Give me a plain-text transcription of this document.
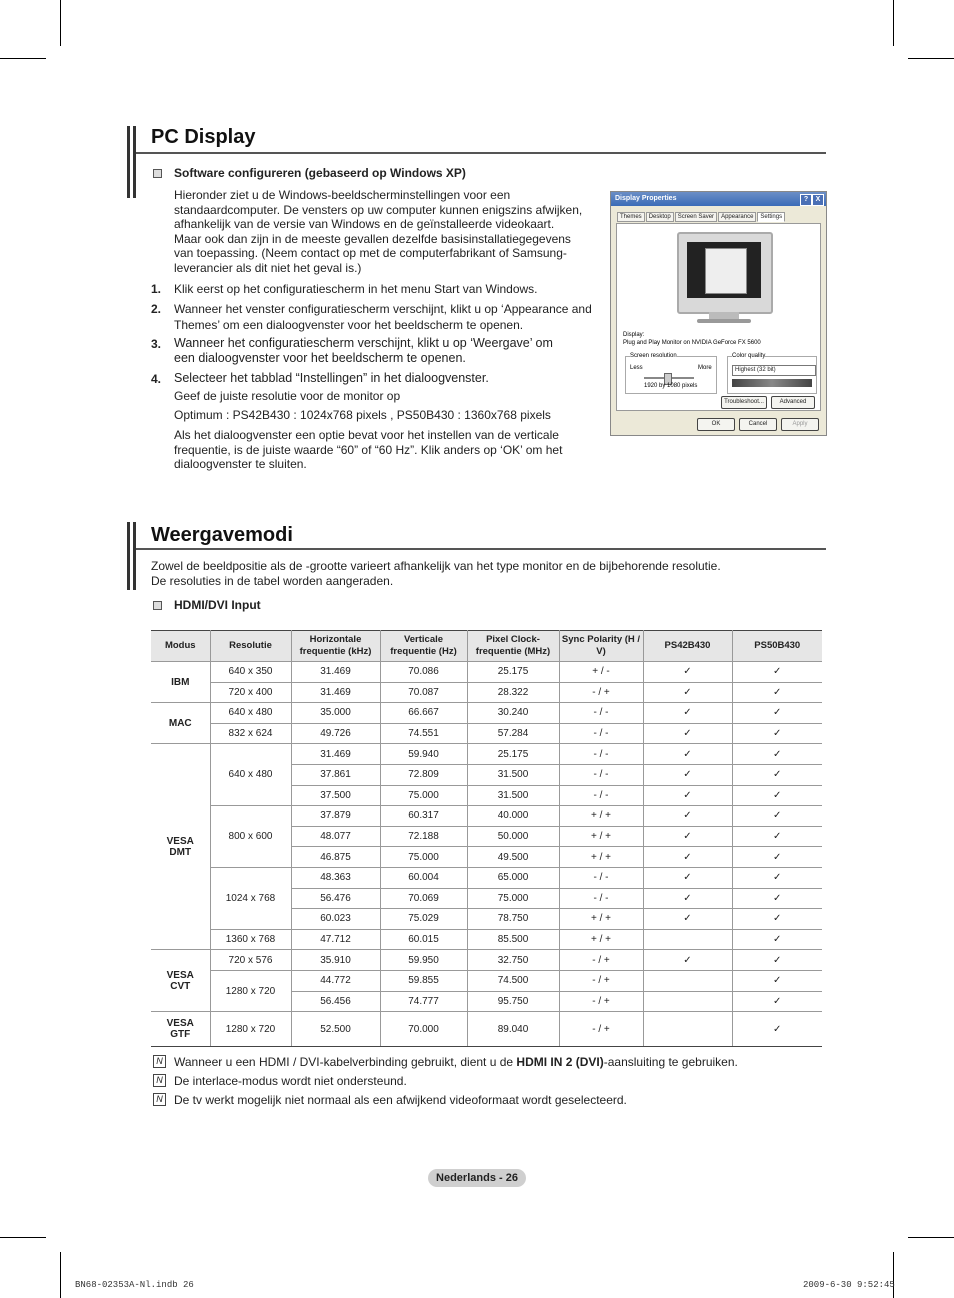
PC Display
Software configureren (gebaseerd op Windows XP)
Hieronder ziet u de Windows-beeldscherminstellingen voor een
standaardcomputer. De vensters op uw computer kunnen enigszins afwijken,
afhankelijk van de versie van Windows en de geïnstalleerde videokaart.
Maar ook dan zijn in de meeste gevallen dezelfde basisinstallatiegegevens
van toepassing. (Neem contact op met de computerfabrikant of Samsung-
leverancier als dit niet het geval is.)
1. Klik eerst op het configuratiescherm in het menu Start van Windows.
2. Wanneer het venster configuratiescherm verschijnt, klikt u op ‘Appearance and
Themes’ om een dialoogvenster voor het beeldscherm te openen.
3. Wanneer het configuratiescherm verschijnt, klikt u op ‘Weergave’ om
een dialoogvenster voor het beeldscherm te openen.
4. Selecteer het tabblad “Instellingen” in het dialoogvenster.
Geef de juiste resolutie voor de monitor op
Optimum : PS42B430 : 1024x768 pixels , PS50B430 : 1360x768 pixels
Als het dialoogvenster een optie bevat voor het instellen van de verticale
frequentie, is de juiste waarde “60” of “60 Hz”. Klik anders op ‘OK’ om het
dialoogvenster te sluiten.
Display Properties	?	X
Themes	Desktop	Screen Saver	Appearance	Settings
Display:
Plug and Play Monitor on NVIDIA GeForce FX 5600
Screen resolution
Less	More
1920 by 1080 pixels
Color quality
Highest (32 bit)
Troubleshoot...	Advanced
OK	Cancel	Apply
Weergavemodi
Zowel de beeldpositie als de -grootte varieert afhankelijk van het type monitor en de bijbehorende resolutie.
De resoluties in de tabel worden aangeraden.
HDMI/DVI Input
Modus	Resolutie	Horizontale frequentie (kHz)	Verticale frequentie (Hz)	Pixel Clock-frequentie (MHz)	Sync Polarity (H / V)	PS42B430	PS50B430
IBM	640 x 350	31.469	70.086	25.175	+ / -	✓	✓
	720 x 400	31.469	70.087	28.322	- / +	✓	✓
MAC	640 x 480	35.000	66.667	30.240	- / -	✓	✓
	832 x 624	49.726	74.551	57.284	- / -	✓	✓
VESA DMT	640 x 480	31.469	59.940	25.175	- / -	✓	✓
		37.861	72.809	31.500	- / -	✓	✓
		37.500	75.000	31.500	- / -	✓	✓
	800 x 600	37.879	60.317	40.000	+ / +	✓	✓
		48.077	72.188	50.000	+ / +	✓	✓
		46.875	75.000	49.500	+ / +	✓	✓
	1024 x 768	48.363	60.004	65.000	- / -	✓	✓
		56.476	70.069	75.000	- / -	✓	✓
		60.023	75.029	78.750	+ / +	✓	✓
	1360 x 768	47.712	60.015	85.500	+ / +		✓
VESA CVT	720 x 576	35.910	59.950	32.750	- / +	✓	✓
	1280 x 720	44.772	59.855	74.500	- / +		✓
		56.456	74.777	95.750	- / +		✓
VESA GTF	1280 x 720	52.500	70.000	89.040	- / +		✓
N Wanneer u een HDMI / DVI-kabelverbinding gebruikt, dient u de HDMI IN 2 (DVI)-aansluiting te gebruiken.
N De interlace-modus wordt niet ondersteund.
N De tv werkt mogelijk niet normaal als een afwijkend videoformaat wordt geselecteerd.
Nederlands - 26
BN68-02353A-Nl.indb 26	2009-6-30 9:52:45
